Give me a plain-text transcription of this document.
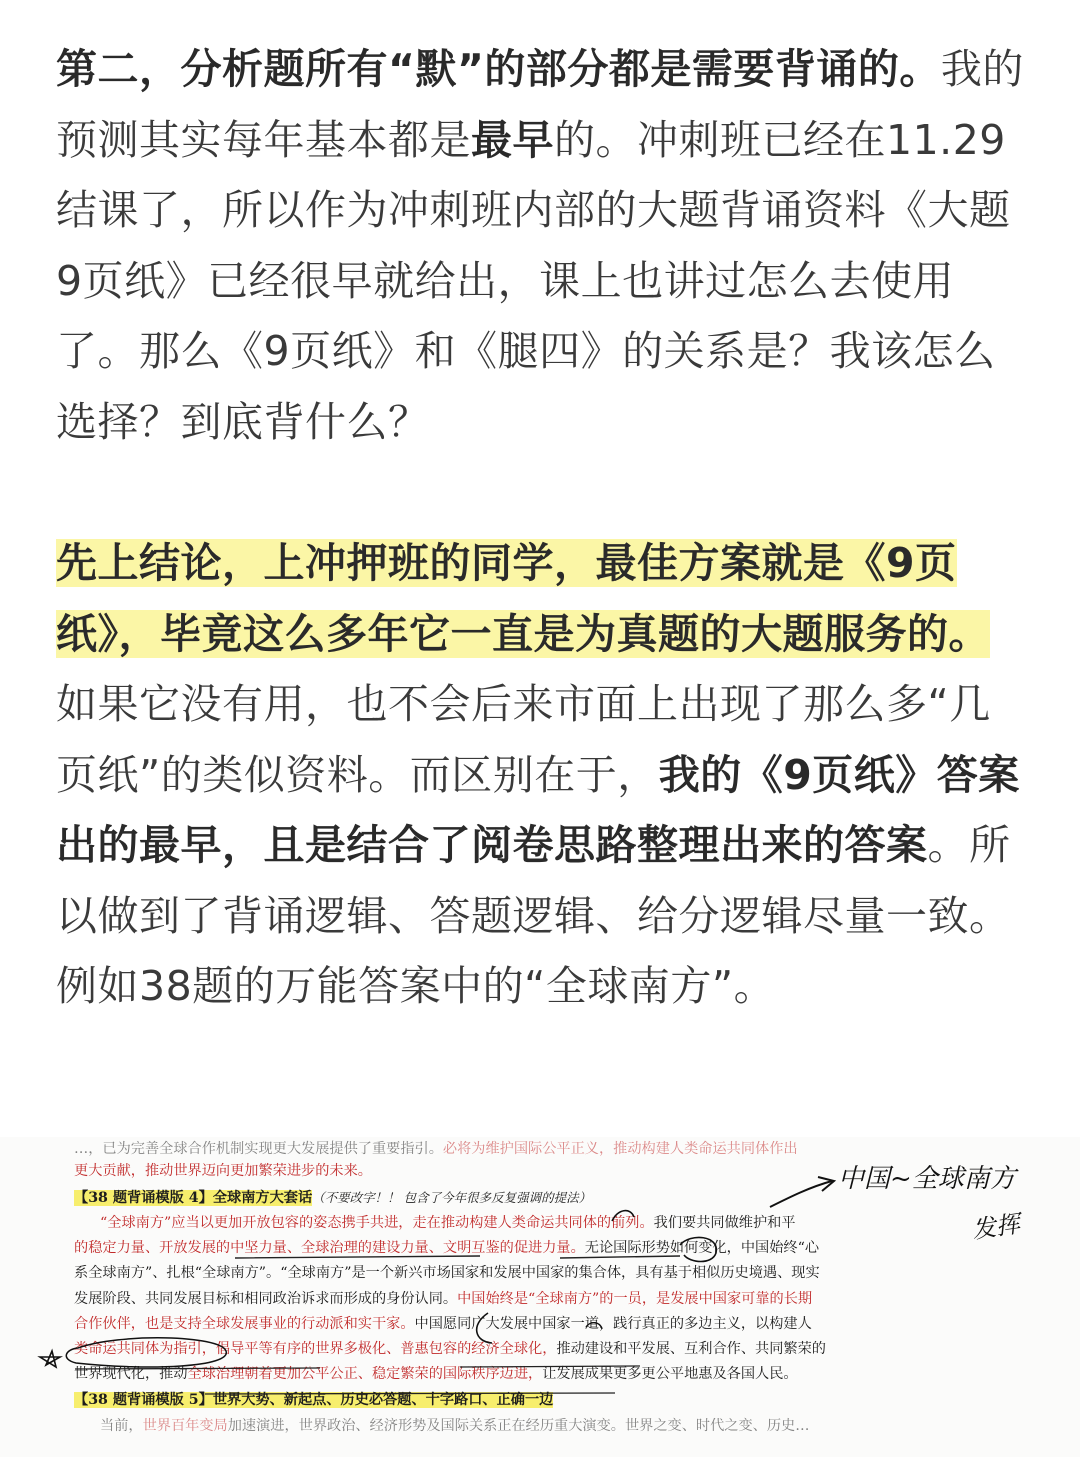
第二，分析题所有“默”的部分都是需要背诵的。我的预测其实每年基本都是最早的。冲刺班已经在11.29结课了，所以作为冲刺班内部的大题背诵资料《大题9页纸》已经很早就给出，课上也讲过怎么去使用了。那么《9页纸》和《腿四》的关系是？我该怎么选择？到底背什么？

先上结论，上冲押班的同学，最佳方案就是《9页纸》，毕竟这么多年它一直是为真题的大题服务的。如果它没有用，也不会后来市面上出现了那么多“几页纸”的类似资料。而区别在于，我的《9页纸》答案出的最早，且是结合了阅卷思路整理出来的答案。所以做到了背诵逻辑、答题逻辑、给分逻辑尽量一致。例如38题的万能答案中的“全球南方”。

…，已为完善全球合作机制实现更大发展提供了重要指引。必将为维护国际公平正义，推动构建人类命运共同体作出
更大贡献，推动世界迈向更加繁荣进步的未来。
【38 题背诵模版 4】全球南方大套话（不要改字！！ 包含了今年很多反复强调的提法）
“全球南方”应当以更加开放包容的姿态携手共进，走在推动构建人类命运共同体的前列。我们要共同做维护和平
的稳定力量、开放发展的中坚力量、全球治理的建设力量、文明互鉴的促进力量。无论国际形势如何变化，中国始终“心
系全球南方”、扎根“全球南方”。“全球南方”是一个新兴市场国家和发展中国家的集合体，具有基于相似历史境遇、现实
发展阶段、共同发展目标和相同政治诉求而形成的身份认同。中国始终是“全球南方”的一员，是发展中国家可靠的长期
合作伙伴，也是支持全球发展事业的行动派和实干家。中国愿同广大发展中国家一道，践行真正的多边主义，以构建人
类命运共同体为指引，倡导平等有序的世界多极化、普惠包容的经济全球化，推动建设和平发展、互利合作、共同繁荣的
世界现代化，推动全球治理朝着更加公平公正、稳定繁荣的国际秩序迈进，让发展成果更多更公平地惠及各国人民。
【38 题背诵模版 5】世界大势、新起点、历史必答题、十字路口、正确一边
当前，世界百年变局加速演进，世界政治、经济形势及国际关系正在经历重大演变。世界之变、时代之变、历史…
中国~全球南方
发挥
